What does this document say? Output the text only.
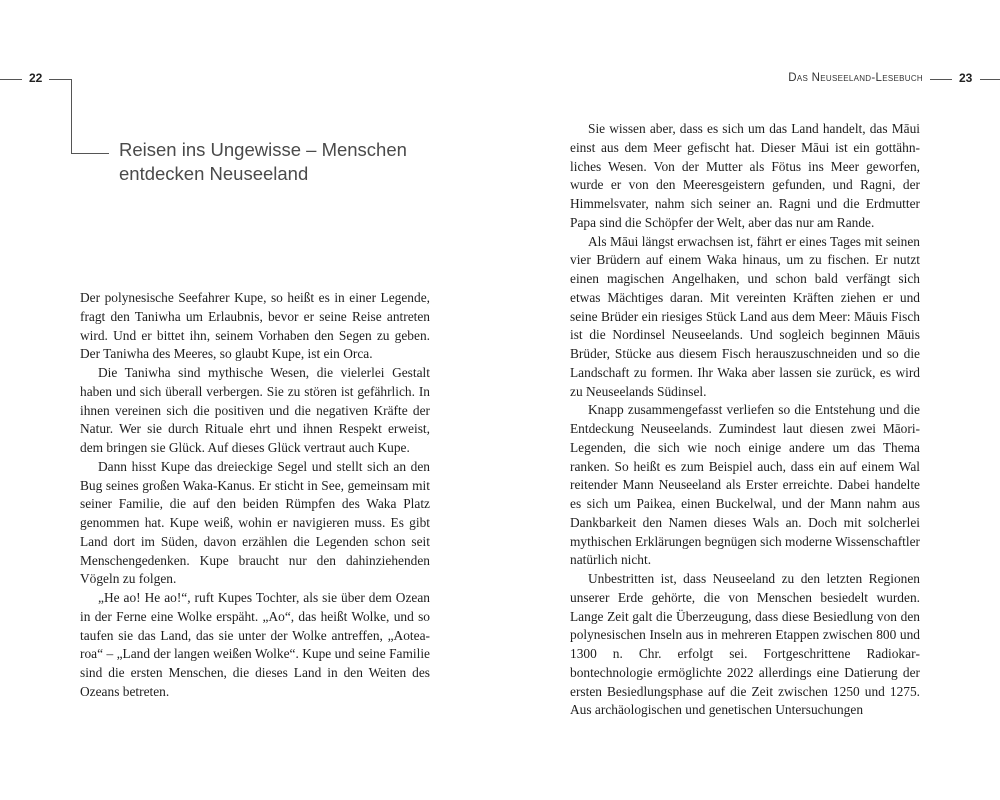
22
Reisen ins Ungewisse – Menschen
entdecken Neuseeland

Der polynesische Seefahrer Kupe, so heißt es in einer Legende, fragt den Taniwha um Erlaubnis, bevor er seine Reise antreten wird. Und er bittet ihn, seinem Vorhaben den Segen zu geben. Der Taniwha des Meeres, so glaubt Kupe, ist ein Orca.

Die Taniwha sind mythische Wesen, die vielerlei Gestalt haben und sich überall verbergen. Sie zu stören ist gefährlich. In ihnen vereinen sich die positiven und die negativen Kräfte der Natur. Wer sie durch Rituale ehrt und ihnen Respekt erweist, dem bringen sie Glück. Auf dieses Glück vertraut auch Kupe.

Dann hisst Kupe das dreieckige Segel und stellt sich an den Bug seines großen Waka-Kanus. Er sticht in See, gemeinsam mit seiner Familie, die auf den beiden Rümpfen des Waka Platz genommen hat. Kupe weiß, wohin er navigieren muss. Es gibt Land dort im Süden, davon erzählen die Legenden schon seit Menschengedenken. Kupe braucht nur den dahinziehenden Vögeln zu folgen.

„He ao! He ao!“, ruft Kupes Tochter, als sie über dem Ozean in der Ferne eine Wolke erspäht. „Ao“, das heißt Wolke, und so taufen sie das Land, das sie unter der Wolke antreffen, „Aotearoa“ – „Land der langen weißen Wolke“. Kupe und seine Familie sind die ersten Menschen, die dieses Land in den Weiten des Ozeans betreten.

Das Neuseeland-Lesebuch	23

Sie wissen aber, dass es sich um das Land handelt, das Māui einst aus dem Meer gefischt hat. Dieser Māui ist ein gottähnliches Wesen. Von der Mutter als Fötus ins Meer geworfen, wurde er von den Meeresgeistern gefunden, und Ragni, der Himmelsvater, nahm sich seiner an. Ragni und die Erdmutter Papa sind die Schöpfer der Welt, aber das nur am Rande.

Als Māui längst erwachsen ist, fährt er eines Tages mit seinen vier Brüdern auf einem Waka hinaus, um zu fischen. Er nutzt einen magischen Angelhaken, und schon bald verfängt sich etwas Mächtiges daran. Mit vereinten Kräften ziehen er und seine Brüder ein riesiges Stück Land aus dem Meer: Māuis Fisch ist die Nordinsel Neuseelands. Und sogleich beginnen Māuis Brüder, Stücke aus diesem Fisch herauszuschneiden und so die Landschaft zu formen. Ihr Waka aber lassen sie zurück, es wird zu Neuseelands Südinsel.

Knapp zusammengefasst verliefen so die Entstehung und die Entdeckung Neuseelands. Zumindest laut diesen zwei Māori-Legenden, die sich wie noch einige andere um das Thema ranken. So heißt es zum Beispiel auch, dass ein auf einem Wal reitender Mann Neuseeland als Erster erreichte. Dabei handelte es sich um Paikea, einen Buckelwal, und der Mann nahm aus Dankbarkeit den Namen dieses Wals an. Doch mit solcherlei mythischen Erklärungen begnügen sich moderne Wissenschaftler natürlich nicht.

Unbestritten ist, dass Neuseeland zu den letzten Regionen unserer Erde gehörte, die von Menschen besiedelt wurden. Lange Zeit galt die Überzeugung, dass diese Besiedlung von den polynesischen Inseln aus in mehreren Etappen zwischen 800 und 1300 n. Chr. erfolgt sei. Fortgeschrittene Radiokarbontechnologie ermöglichte 2022 allerdings eine Datierung der ersten Besiedlungsphase auf die Zeit zwischen 1250 und 1275. Aus archäologischen und genetischen Untersuchungen
